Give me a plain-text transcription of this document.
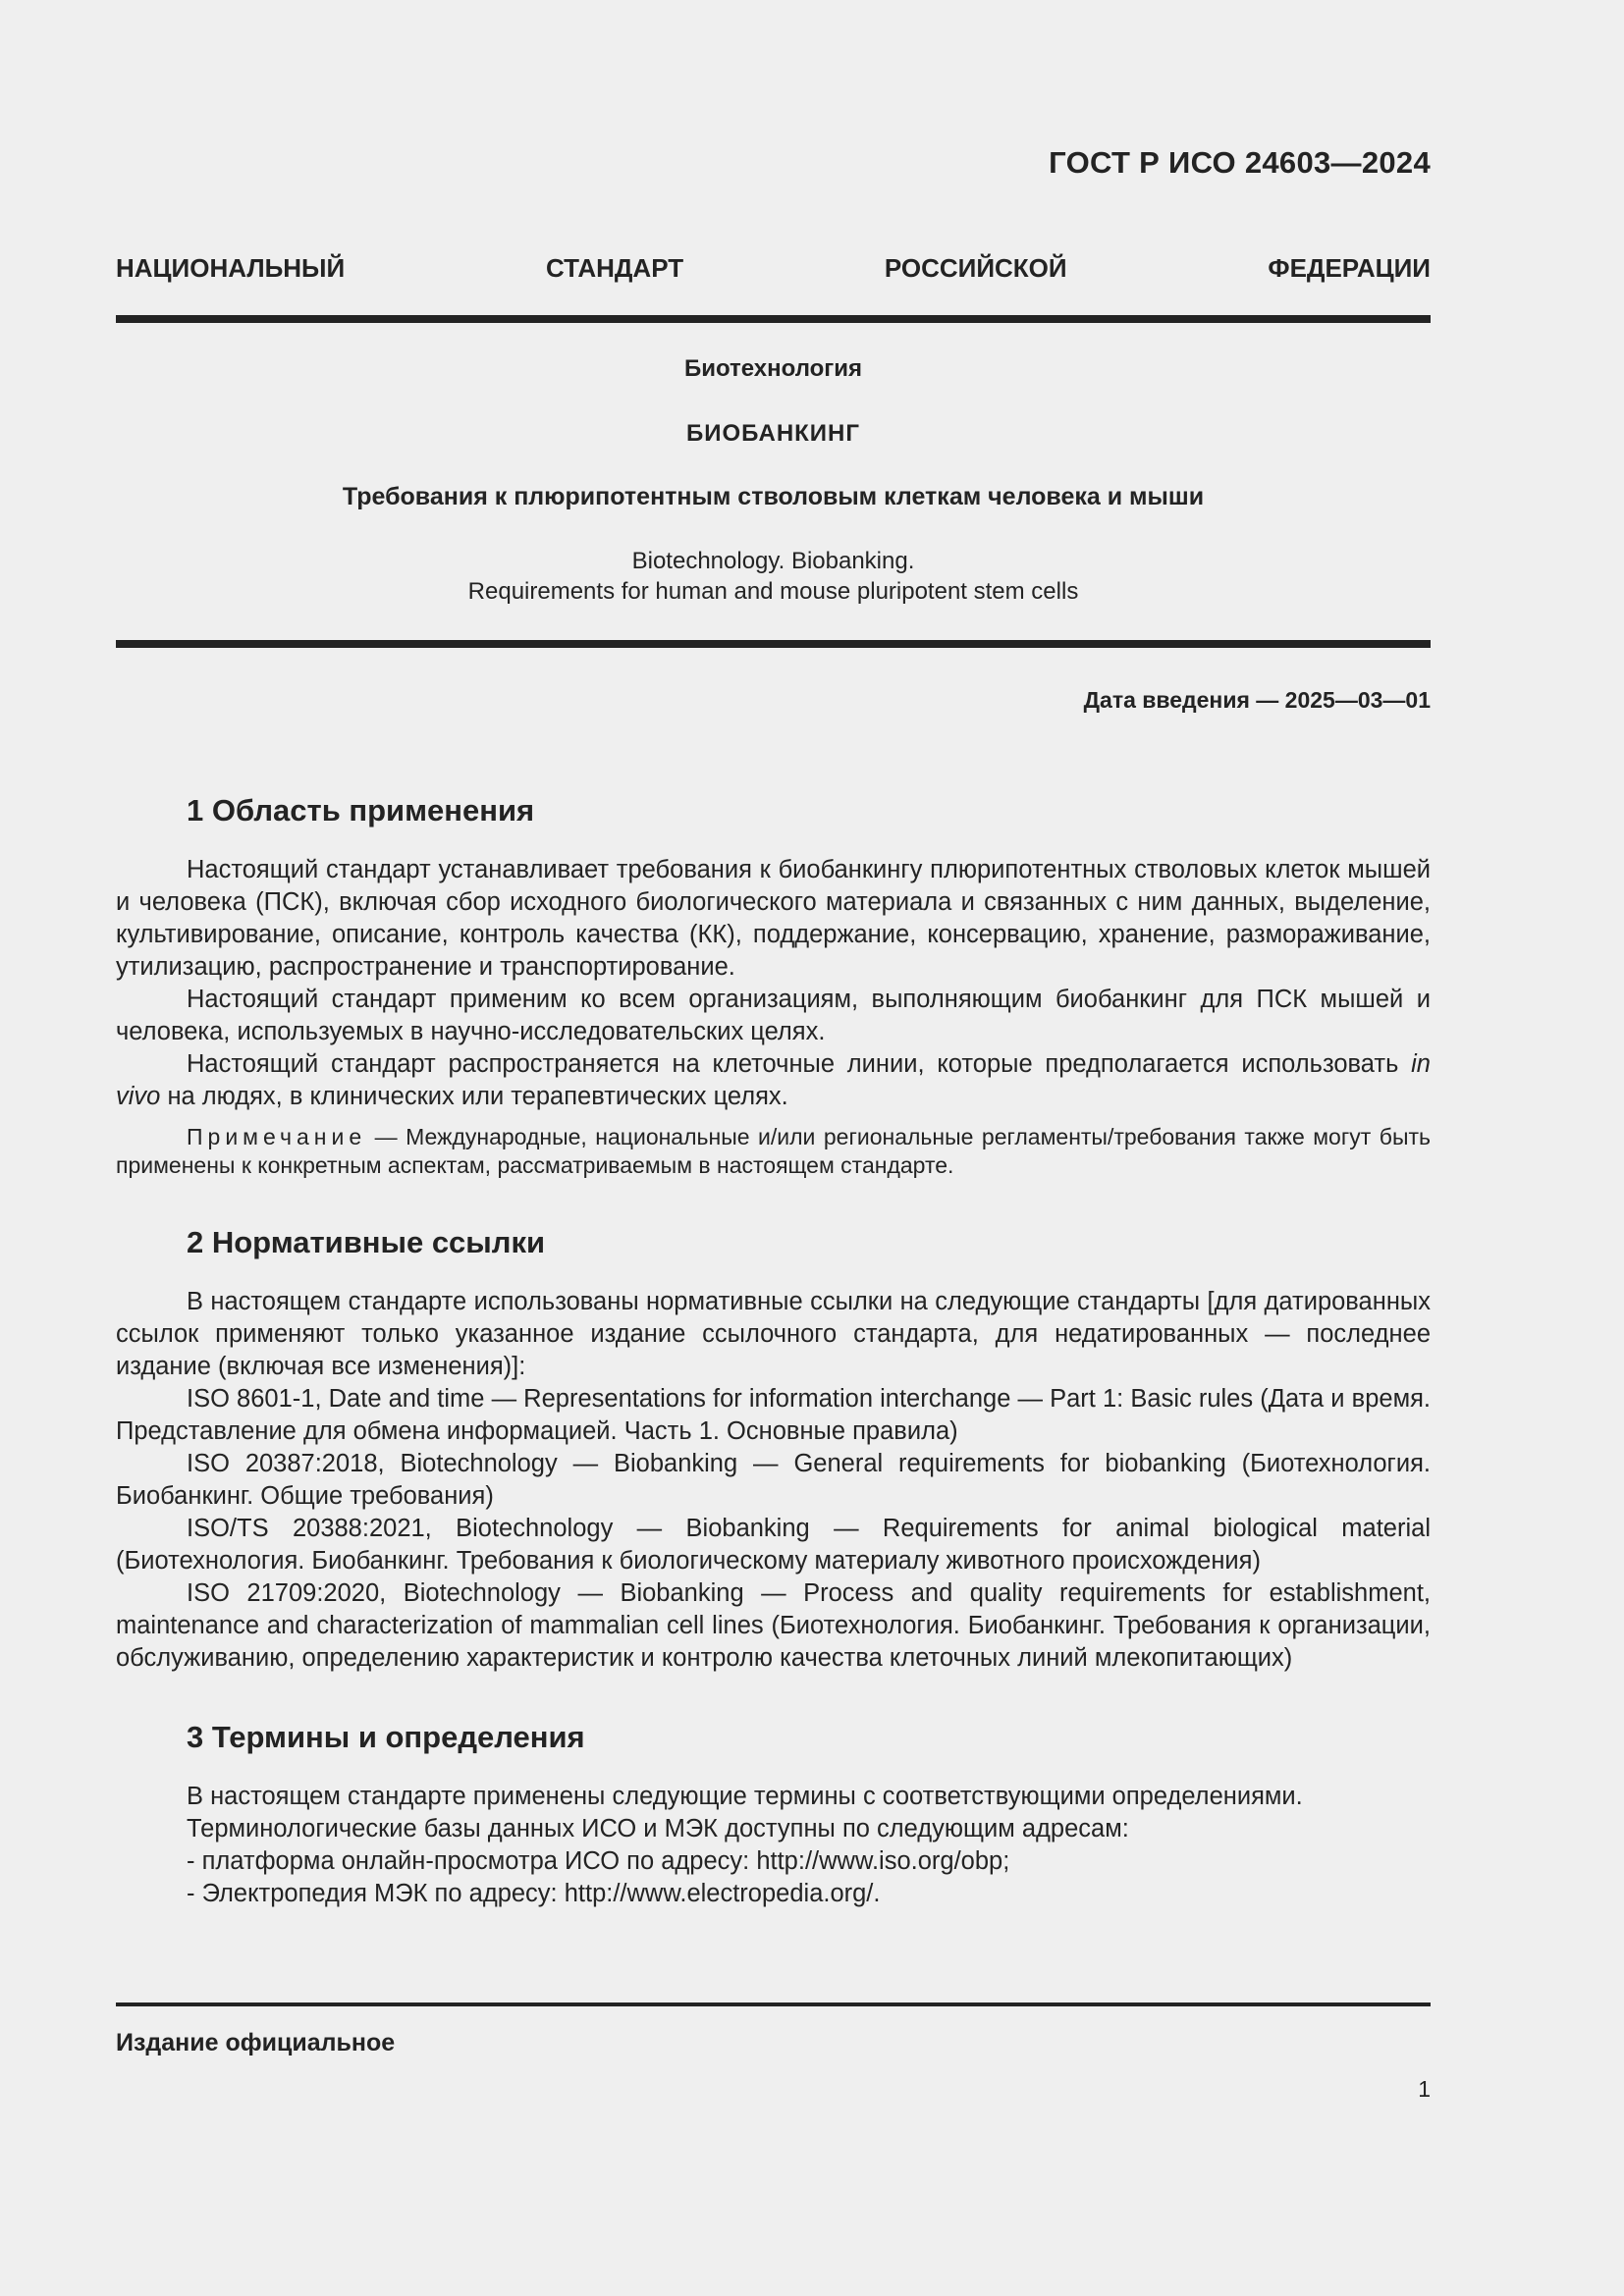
ГОСТ Р ИСО 24603—2024
НАЦИОНАЛЬНЫЙ СТАНДАРТ РОССИЙСКОЙ ФЕДЕРАЦИИ
Биотехнология
БИОБАНКИНГ
Требования к плюрипотентным стволовым клеткам человека и мыши
Biotechnology. Biobanking.
Requirements for human and mouse pluripotent stem cells
Дата введения — 2025—03—01
1 Область применения

Настоящий стандарт устанавливает требования к биобанкингу плюрипотентных стволовых клеток мышей и человека (ПСК), включая сбор исходного биологического материала и связанных с ним данных, выделение, культивирование, описание, контроль качества (КК), поддержание, консервацию, хранение, размораживание, утилизацию, распространение и транспортирование.

Настоящий стандарт применим ко всем организациям, выполняющим биобанкинг для ПСК мышей и человека, используемых в научно-исследовательских целях.

Настоящий стандарт распространяется на клеточные линии, которые предполагается использовать in vivo на людях, в клинических или терапевтических целях.

Примечание — Международные, национальные и/или региональные регламенты/требования также могут быть применены к конкретным аспектам, рассматриваемым в настоящем стандарте.

2 Нормативные ссылки

В настоящем стандарте использованы нормативные ссылки на следующие стандарты [для датированных ссылок применяют только указанное издание ссылочного стандарта, для недатированных — последнее издание (включая все изменения)]:

ISO 8601-1, Date and time — Representations for information interchange — Part 1: Basic rules (Дата и время. Представление для обмена информацией. Часть 1. Основные правила)

ISO 20387:2018, Biotechnology — Biobanking — General requirements for biobanking (Биотехнология. Биобанкинг. Общие требования)

ISO/TS 20388:2021, Biotechnology — Biobanking — Requirements for animal biological material (Биотехнология. Биобанкинг. Требования к биологическому материалу животного происхождения)

ISO 21709:2020, Biotechnology — Biobanking — Process and quality requirements for establishment, maintenance and characterization of mammalian cell lines (Биотехнология. Биобанкинг. Требования к организации, обслуживанию, определению характеристик и контролю качества клеточных линий млекопитающих)

3 Термины и определения

В настоящем стандарте применены следующие термины с соответствующими определениями.

Терминологические базы данных ИСО и МЭК доступны по следующим адресам:

- платформа онлайн-просмотра ИСО по адресу: http://www.iso.org/obp;

- Электропедия МЭК по адресу: http://www.electropedia.org/.

Издание официальное
1
